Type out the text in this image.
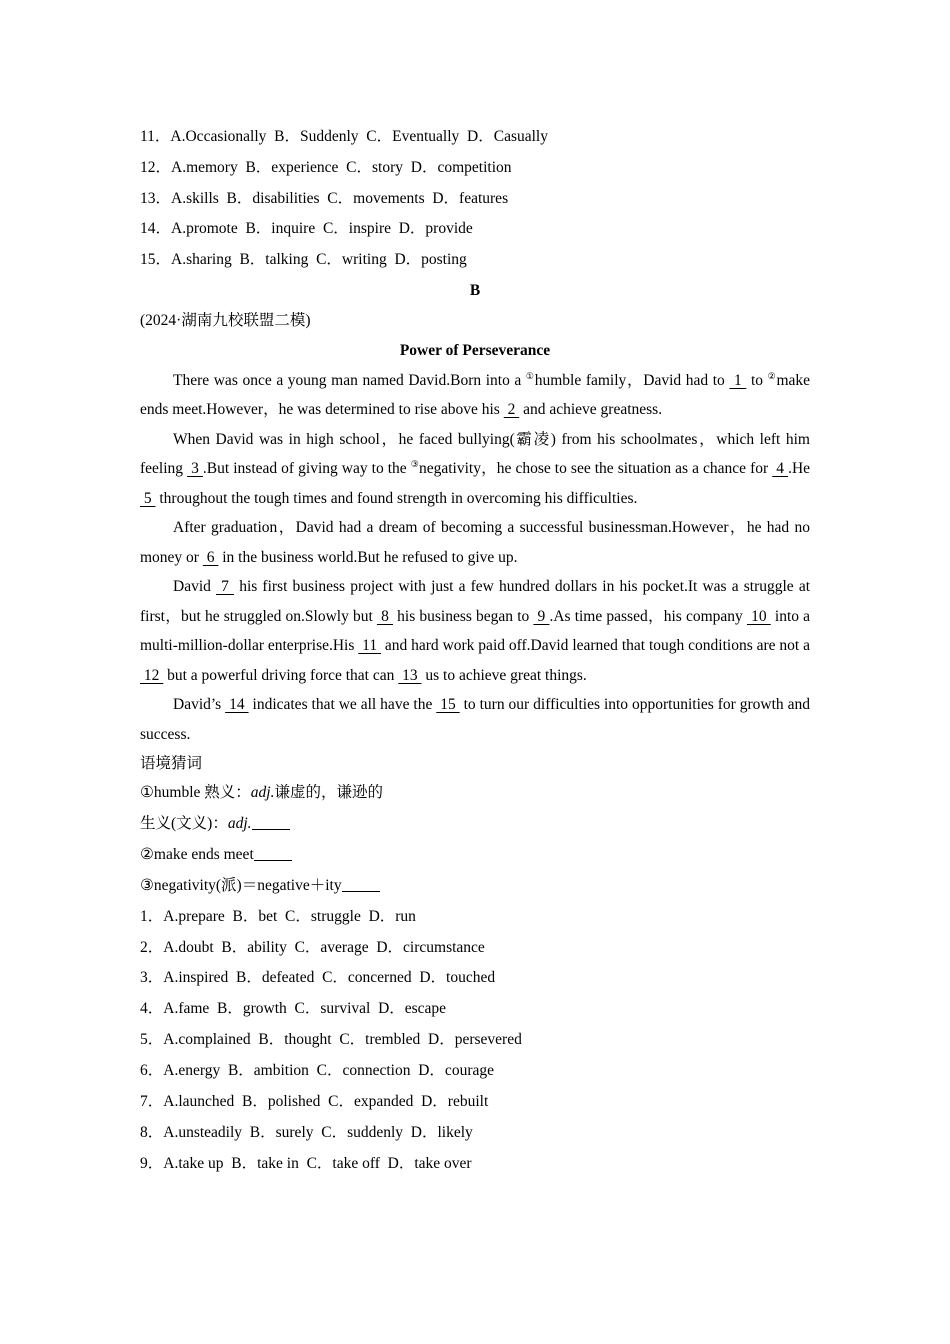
11．A.Occasionally  B．Suddenly  C．Eventually  D．Casually
12．A.memory  B．experience  C．story  D．competition
13．A.skills  B．disabilities  C．movements  D．features
14．A.promote  B．inquire  C．inspire  D．provide
15．A.sharing  B．talking  C．writing  D．posting
B
(2024·湖南九校联盟二模)
Power of Perseverance

There was once a young man named David.Born into a ①humble family，David had to  1  to ②make ends meet.However，he was determined to rise above his  2  and achieve greatness.

When David was in high school，he faced bullying(霸凌) from his schoolmates，which left him feeling  3 .But instead of giving way to the ③negativity，he chose to see the situation as a chance for  4 .He  5  throughout the tough times and found strength in overcoming his difficulties.

After graduation，David had a dream of becoming a successful businessman.However，he had no money or  6  in the business world.But he refused to give up.

David  7  his first business project with just a few hundred dollars in his pocket.It was a struggle at first，but he struggled on.Slowly but  8  his business began to  9 .As time passed，his company  10  into a multi-million-dollar enterprise.His  11  and hard work paid off.David learned that tough conditions are not a  12  but a powerful driving force that can  13  us to achieve great things.

David’s  14  indicates that we all have the  15  to turn our difficulties into opportunities for growth and success.

语境猜词
①humble 熟义：adj.谦虚的，谦逊的
生义(文义)：adj.
②make ends meet
③negativity(派)＝negative＋ity
1．A.prepare  B．bet  C．struggle  D．run
2．A.doubt  B．ability  C．average  D．circumstance
3．A.inspired  B．defeated  C．concerned  D．touched
4．A.fame  B．growth  C．survival  D．escape
5．A.complained  B．thought  C．trembled  D．persevered
6．A.energy  B．ambition  C．connection  D．courage
7．A.launched  B．polished  C．expanded  D．rebuilt
8．A.unsteadily  B．surely  C．suddenly  D．likely
9．A.take up  B．take in  C．take off  D．take over
